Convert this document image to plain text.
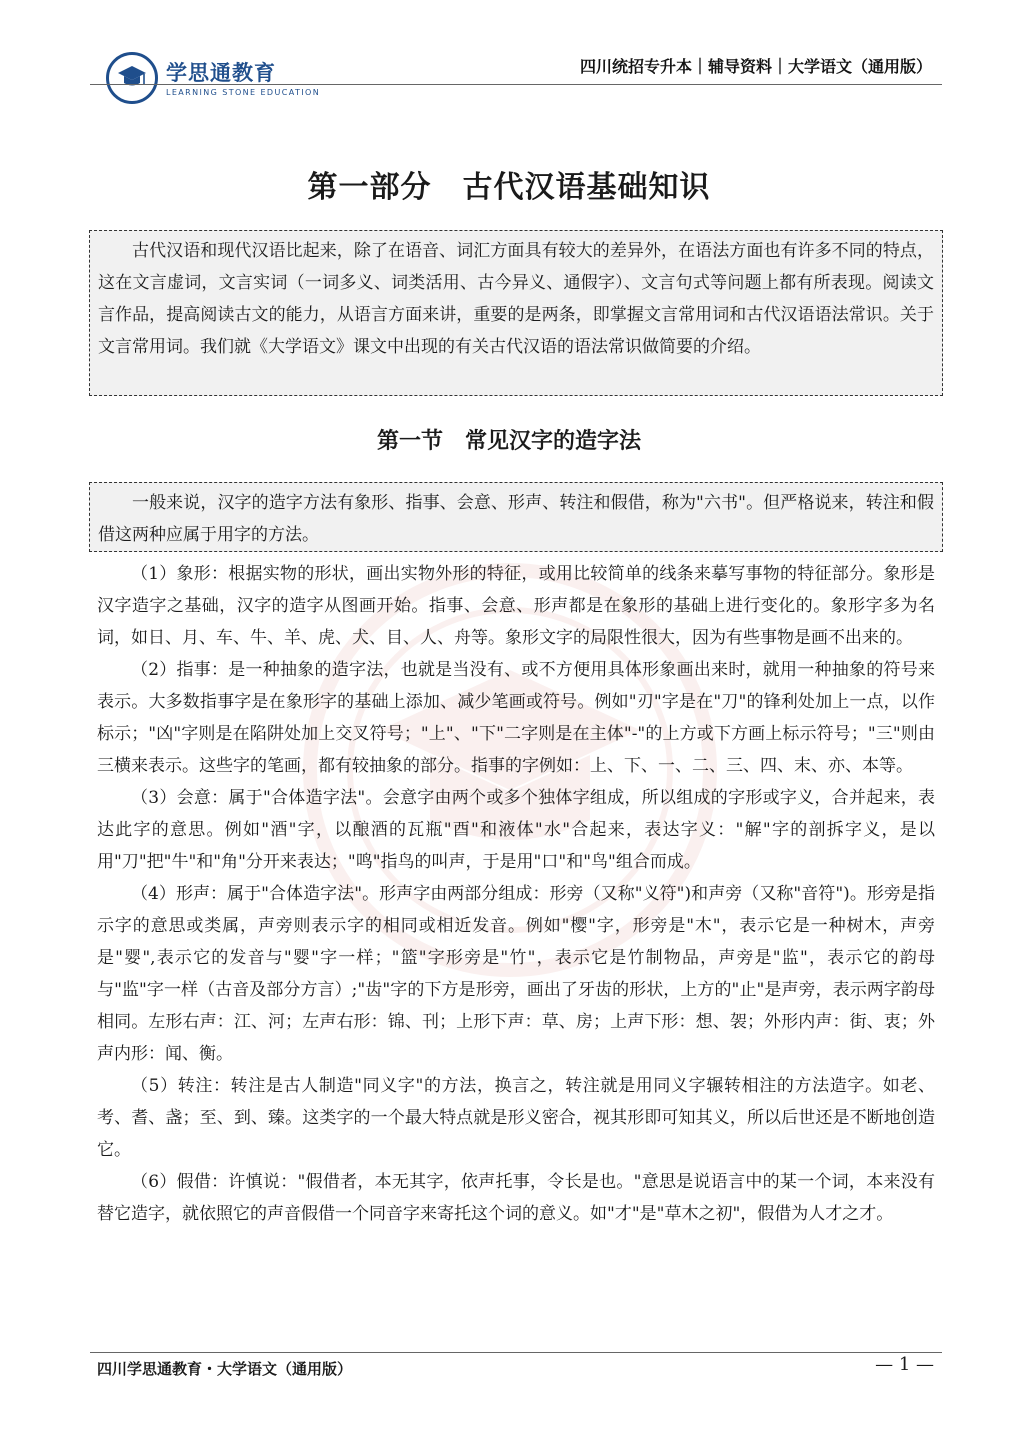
学思通教育
LEARNING STONE EDUCATION
四川统招专升本｜辅导资料｜大学语文（通用版）
第一部分　古代汉语基础知识

古代汉语和现代汉语比起来，除了在语音、词汇方面具有较大的差异外，在语法方面也有许多不同的特点，这在文言虚词，文言实词（一词多义、词类活用、古今异义、通假字）、文言句式等问题上都有所表现。阅读文言作品，提高阅读古文的能力，从语言方面来讲，重要的是两条，即掌握文言常用词和古代汉语语法常识。关于文言常用词。我们就《大学语文》课文中出现的有关古代汉语的语法常识做简要的介绍。

第一节　常见汉字的造字法

一般来说，汉字的造字方法有象形、指事、会意、形声、转注和假借，称为"六书"。但严格说来，转注和假借这两种应属于用字的方法。

（1）象形：根据实物的形状，画出实物外形的特征，或用比较简单的线条来摹写事物的特征部分。象形是汉字造字之基础，汉字的造字从图画开始。指事、会意、形声都是在象形的基础上进行变化的。象形字多为名词，如日、月、车、牛、羊、虎、犬、目、人、舟等。象形文字的局限性很大，因为有些事物是画不出来的。

（2）指事：是一种抽象的造字法，也就是当没有、或不方便用具体形象画出来时，就用一种抽象的符号来表示。大多数指事字是在象形字的基础上添加、减少笔画或符号。例如"刃"字是在"刀"的锋利处加上一点，以作标示；"凶"字则是在陷阱处加上交叉符号；"上"、"下"二字则是在主体"-"的上方或下方画上标示符号；"三"则由三横来表示。这些字的笔画，都有较抽象的部分。指事的字例如：上、下、一、二、三、四、末、亦、本等。

（3）会意：属于"合体造字法"。会意字由两个或多个独体字组成，所以组成的字形或字义，合并起来，表达此字的意思。例如"酒"字，以酿酒的瓦瓶"酉"和液体"水"合起来，表达字义："解"字的剖拆字义，是以用"刀"把"牛"和"角"分开来表达；"鸣"指鸟的叫声，于是用"口"和"鸟"组合而成。

（4）形声：属于"合体造字法"。形声字由两部分组成：形旁（又称"义符")和声旁（又称"音符")。形旁是指示字的意思或类属，声旁则表示字的相同或相近发音。例如"樱"字，形旁是"木"，表示它是一种树木，声旁是"婴",表示它的发音与"婴"字一样；"篮"字形旁是"竹"，表示它是竹制物品，声旁是"监"，表示它的韵母与"监"字一样（古音及部分方言）;"齿"字的下方是形旁，画出了牙齿的形状，上方的"止"是声旁，表示两字韵母相同。左形右声：江、河；左声右形：锦、刊；上形下声：草、房；上声下形：想、袈；外形内声：街、衷；外声内形：闻、衡。

（5）转注：转注是古人制造"同义字"的方法，换言之，转注就是用同义字辗转相注的方法造字。如老、考、耆、盏；至、到、臻。这类字的一个最大特点就是形义密合，视其形即可知其义，所以后世还是不断地创造它。

（6）假借：许慎说："假借者，本无其字，依声托事，令长是也。"意思是说语言中的某一个词，本来没有替它造字，就依照它的声音假借一个同音字来寄托这个词的意义。如"才"是"草木之初"，假借为人才之才。

四川学思通教育・大学语文（通用版）	— 1 —
